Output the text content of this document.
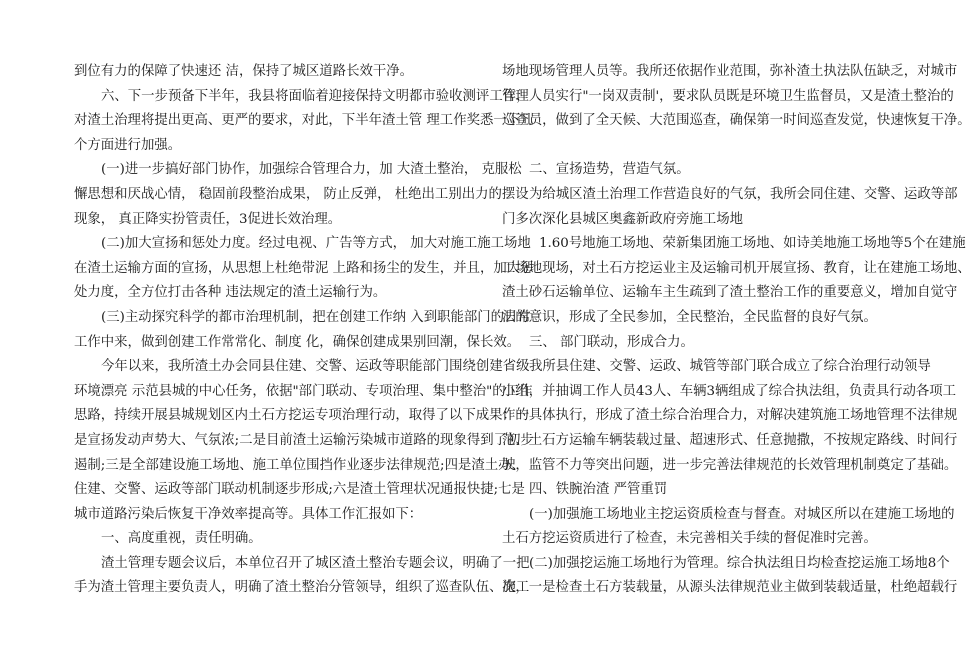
到位有力的保障了快速还 洁，保持了城区道路长效干净。
六、下一步预备下半年，我县将面临着迎接保持文明都市验收测评工作，
对渣土治理将提出更高、更严的要求，对此，下半年渣土管 理工作奖悉一下几
个方面进行加强。
(一)进一步搞好部门协作，加强综合管理合力，加 大渣土整治， 克服松
懈思想和厌战心情， 稳固前段整治成果， 防止反弹， 杜绝出工别出力的摆设
现象， 真正降实扮管责任，3促进长效治理。
(二)加大宣扬和惩处力度。经过电视、广告等方式， 加大对施工施工场地
在渣土运输方面的宣扬，从思想上杜绝带泥 上路和扬尘的发生，并且，加大惩
处力度，全方位打击各种 违法规定的渣土运输行为。
(三)主动探究科学的都市治理机制，把在创建工作纳 入到职能部门的日常
工作中来，做到创建工作常常化、制度 化，确保创建成果别回潮，保长效。
今年以来，我所渣土办会同县住建、交警、运政等职能部门围绕创建省级
环境漂亮 示范县城的中心任务，依据"部门联动、专项治理、集中整治"的工作
思路，持续开展县城规划区内土石方挖运专项治理行动，取得了以下成果：一
是宣扬发动声势大、气氛浓;二是目前渣土运输污染城市道路的现象得到了初步
遏制;三是全部建设施工场地、施工单位围挡作业逐步法律规范;四是渣土办、
住建、交警、运政等部门联动机制逐步形成;六是渣土管理状况通报快捷;七是
城市道路污染后恢复干净效率提高等。具体工作汇报如下：
一、高度重视，责任明确。
渣土管理专题会议后，本单位召开了城区渣土整治专题会议，明确了一把
手为渣土管理主要负责人，明确了渣土整治分管领导，组织了巡查队伍、施工
场地现场管理人员等。我所还依据作业范围，弥补渣土执法队伍缺乏，对城市
管理人员实行"一岗双责制'，要求队员既是环境卫生监督员，又是渣土整治的
巡查员，做到了全天候、大范围巡查，确保第一时间巡查发觉，快速恢复干净。
二、宣扬造势，营造气氛。
为给城区渣土治理工作营造良好的气氛，我所会同住建、交警、运政等部
门多次深化县城区奥鑫新政府旁施工场地
1.60号地施工场地、荣新集团施工场地、如诗美地施工场地等5个在建施
工场地现场，对土石方挖运业主及运输司机开展宣扬、教育，让在建施工场地、
渣土砂石运输单位、运输车主生疏到了渣土整治工作的重要意义，增加自觉守
法的意识，形成了全民参加，全民整治，全民监督的良好气氛。
三、 部门联动，形成合力。
我所县住建、交警、运政、城管等部门联合成立了综合治理行动领导
小组，并抽调工作人员43人、车辆3辆组成了综合执法组，负责具行动各项工
作的具体执行，形成了渣土综合治理合力，对解决建筑施工场地管理不法律规
范、土石方运输车辆装载过量、超速形式、任意抛撒，不按规定路线、时间行
驶，监管不力等突出问题，进一步完善法律规范的长效管理机制奠定了基础。
四、铁腕治渣 严管重罚
(一)加强施工场地业主挖运资质检查与督查。对城区所以在建施工场地的
土石方挖运资质进行了检查，未完善相关手续的督促准时完善。
(二)加强挖运施工场地行为管理。综合执法组日均检查挖运施工场地8个
次，一是检查土石方装载量，从源头法律规范业主做到装载适量，杜绝超载行
